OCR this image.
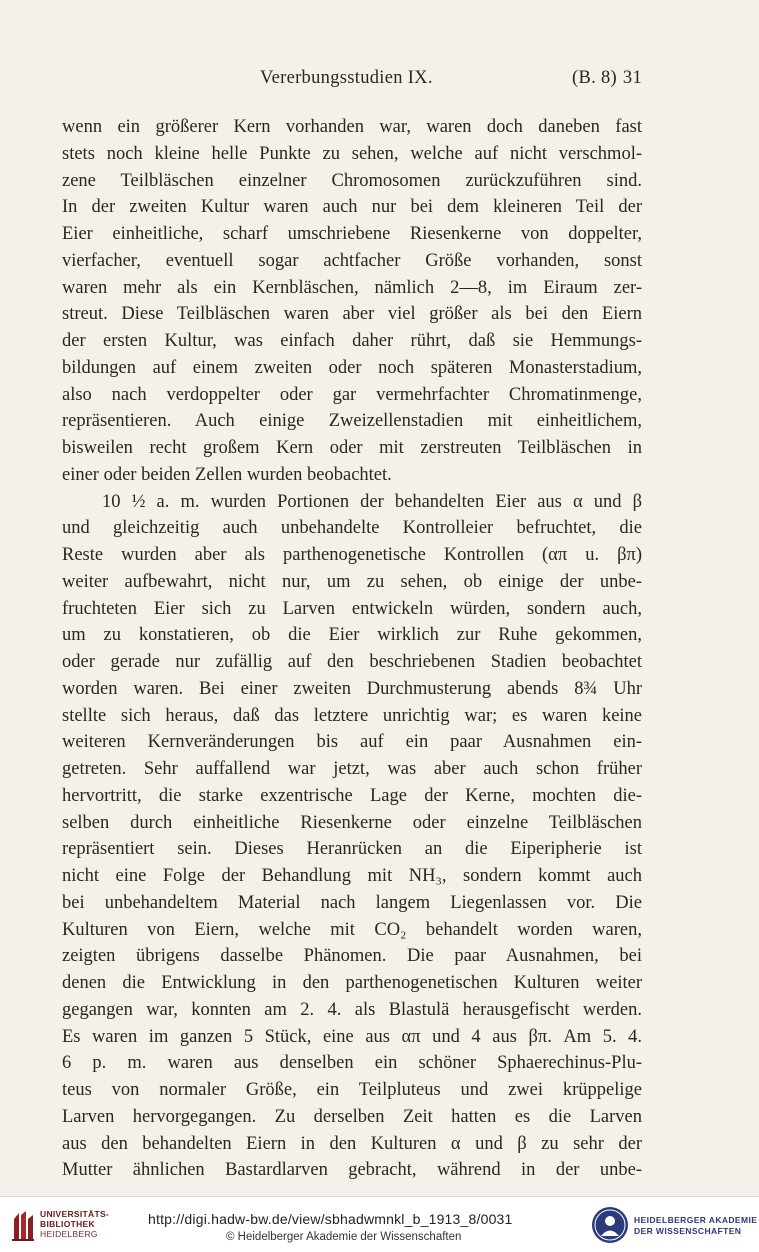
Vererbungsstudien IX.	(B. 8) 31
wenn ein größerer Kern vorhanden war, waren doch daneben fast
stets noch kleine helle Punkte zu sehen, welche auf nicht verschmol-
zene Teilbläschen einzelner Chromosomen zurückzuführen sind.
In der zweiten Kultur waren auch nur bei dem kleineren Teil der
Eier einheitliche, scharf umschriebene Riesenkerne von doppelter,
vierfacher, eventuell sogar achtfacher Größe vorhanden, sonst
waren mehr als ein Kernbläschen, nämlich 2—8, im Eiraum zer-
streut. Diese Teilbläschen waren aber viel größer als bei den Eiern
der ersten Kultur, was einfach daher rührt, daß sie Hemmungs-
bildungen auf einem zweiten oder noch späteren Monasterstadium,
also nach verdoppelter oder gar vermehrfachter Chromatinmenge,
repräsentieren. Auch einige Zweizellenstadien mit einheitlichem,
bisweilen recht großem Kern oder mit zerstreuten Teilbläschen in
einer oder beiden Zellen wurden beobachtet.
10 ½ a. m. wurden Portionen der behandelten Eier aus α und β
und gleichzeitig auch unbehandelte Kontrolleier befruchtet, die
Reste wurden aber als parthenogenetische Kontrollen (απ u. βπ)
weiter aufbewahrt, nicht nur, um zu sehen, ob einige der unbe-
fruchteten Eier sich zu Larven entwickeln würden, sondern auch,
um zu konstatieren, ob die Eier wirklich zur Ruhe gekommen,
oder gerade nur zufällig auf den beschriebenen Stadien beobachtet
worden waren. Bei einer zweiten Durchmusterung abends 8¾ Uhr
stellte sich heraus, daß das letztere unrichtig war; es waren keine
weiteren Kernveränderungen bis auf ein paar Ausnahmen ein-
getreten. Sehr auffallend war jetzt, was aber auch schon früher
hervortritt, die starke exzentrische Lage der Kerne, mochten die-
selben durch einheitliche Riesenkerne oder einzelne Teilbläschen
repräsentiert sein. Dieses Heranrücken an die Eiperipherie ist
nicht eine Folge der Behandlung mit NH₃, sondern kommt auch
bei unbehandeltem Material nach langem Liegenlassen vor. Die
Kulturen von Eiern, welche mit CO₂ behandelt worden waren,
zeigten übrigens dasselbe Phänomen. Die paar Ausnahmen, bei
denen die Entwicklung in den parthenogenetischen Kulturen weiter
gegangen war, konnten am 2. 4. als Blastulä herausgefischt werden.
Es waren im ganzen 5 Stück, eine aus απ und 4 aus βπ. Am 5. 4.
6 p. m. waren aus denselben ein schöner Sphaerechinus-Plu-
teus von normaler Größe, ein Teilpluteus und zwei krüppelige
Larven hervorgegangen. Zu derselben Zeit hatten es die Larven
aus den behandelten Eiern in den Kulturen α und β zu sehr der
Mutter ähnlichen Bastardlarven gebracht, während in der unbe-
UNIVERSITÄTS-
BIBLIOTHEK
HEIDELBERG
http://digi.hadw-bw.de/view/sbhadwmnkl_b_1913_8/0031
© Heidelberger Akademie der Wissenschaften
HEIDELBERGER AKADEMIE
DER WISSENSCHAFTEN
